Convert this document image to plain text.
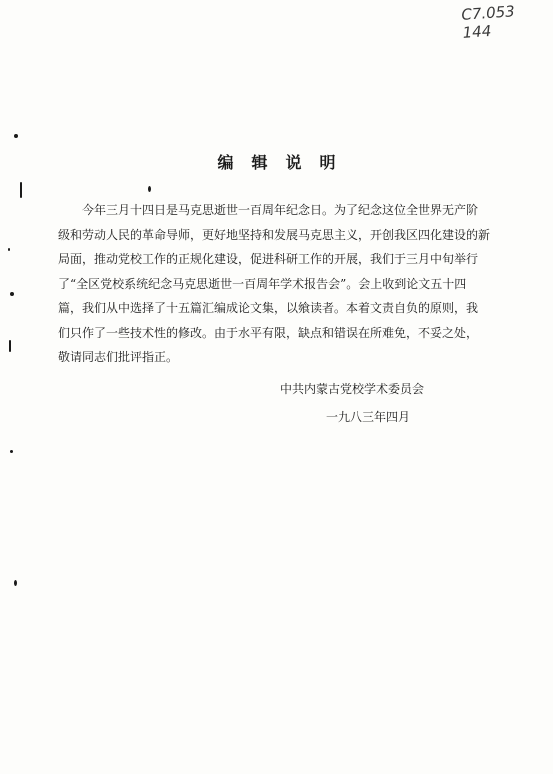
C7.053
144
编辑说明
今年三月十四日是马克思逝世一百周年纪念日。为了纪念这位全世界无产阶
级和劳动人民的革命导师，更好地坚持和发展马克思主义，开创我区四化建设的新
局面，推动党校工作的正规化建设，促进科研工作的开展，我们于三月中旬举行
了“全区党校系统纪念马克思逝世一百周年学术报告会”。会上收到论文五十四
篇，我们从中选择了十五篇汇编成论文集，以飨读者。本着文责自负的原则，我
们只作了一些技术性的修改。由于水平有限，缺点和错误在所难免，不妥之处，
敬请同志们批评指正。
中共内蒙古党校学术委员会
一九八三年四月
